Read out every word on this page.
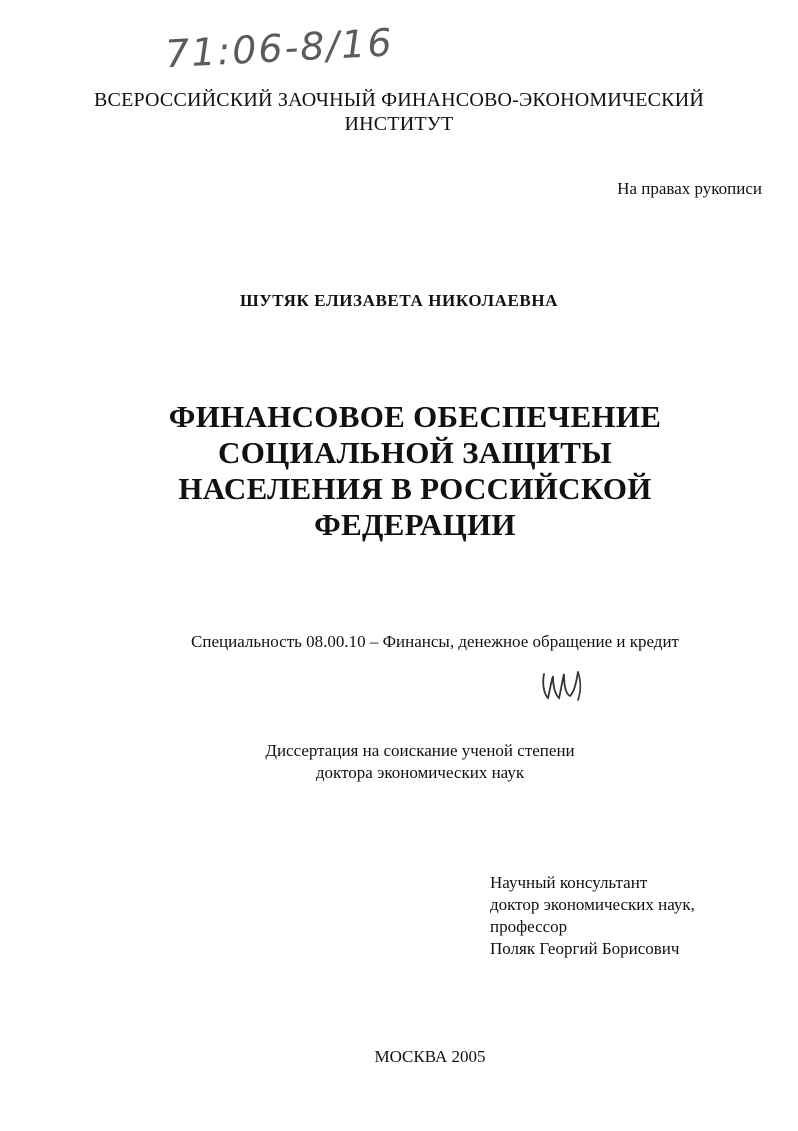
71:06-8/16
ВСЕРОССИЙСКИЙ ЗАОЧНЫЙ ФИНАНСОВО-ЭКОНОМИЧЕСКИЙ
ИНСТИТУТ
На правах рукописи
ШУТЯК ЕЛИЗАВЕТА НИКОЛАЕВНА
ФИНАНСОВОЕ ОБЕСПЕЧЕНИЕ
СОЦИАЛЬНОЙ ЗАЩИТЫ
НАСЕЛЕНИЯ В РОССИЙСКОЙ
ФЕДЕРАЦИИ
Специальность 08.00.10 – Финансы, денежное обращение и кредит
Диссертация на соискание ученой степени
доктора экономических наук
Научный консультант
доктор экономических наук,
профессор
Поляк Георгий Борисович
МОСКВА 2005
